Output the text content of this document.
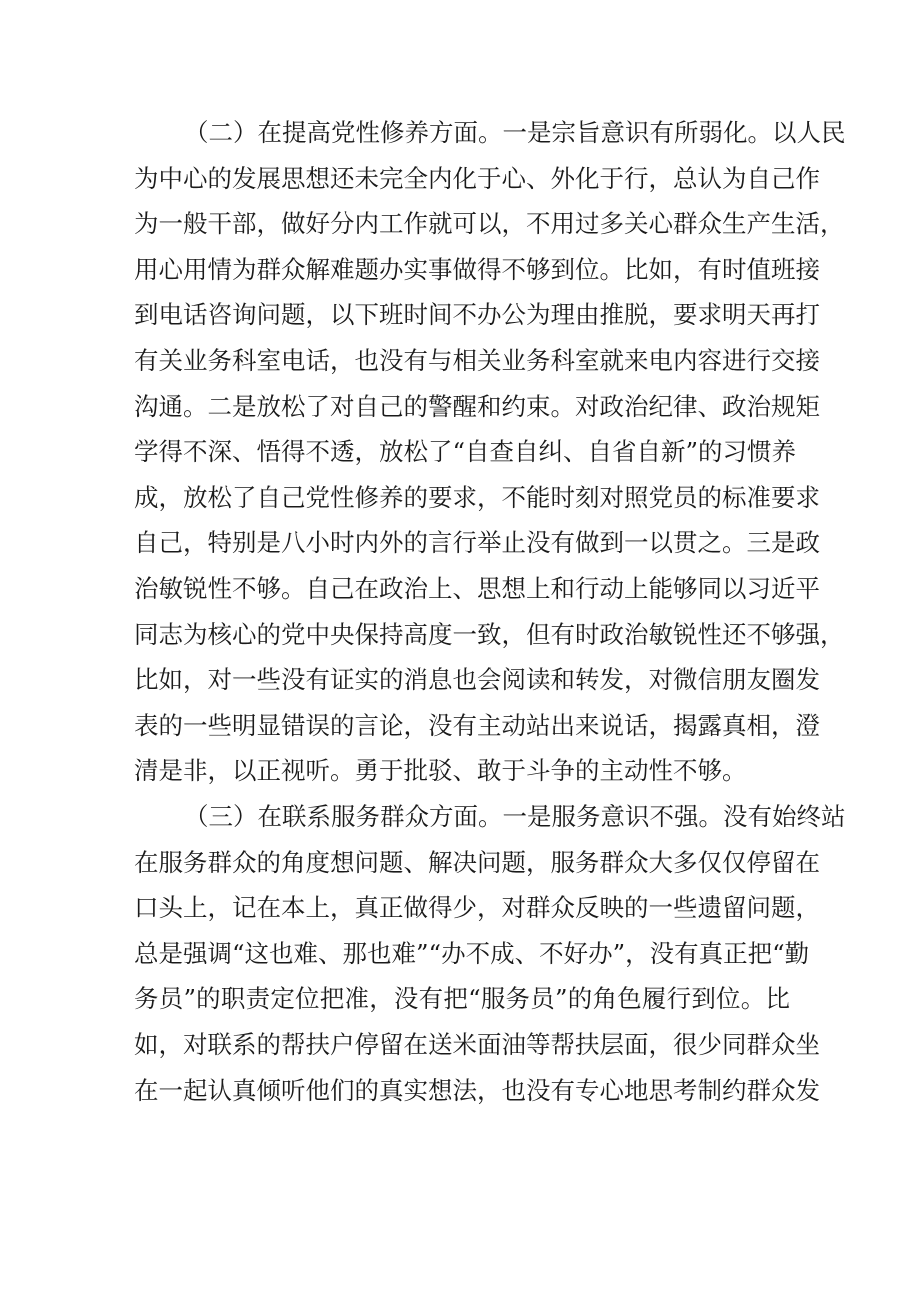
（二）在提高党性修养方面。一是宗旨意识有所弱化。以人民
为中心的发展思想还未完全内化于心、外化于行，总认为自己作
为一般干部，做好分内工作就可以，不用过多关心群众生产生活，
用心用情为群众解难题办实事做得不够到位。比如，有时值班接
到电话咨询问题，以下班时间不办公为理由推脱，要求明天再打
有关业务科室电话，也没有与相关业务科室就来电内容进行交接
沟通。二是放松了对自己的警醒和约束。对政治纪律、政治规矩
学得不深、悟得不透，放松了“自查自纠、自省自新”的习惯养
成，放松了自己党性修养的要求，不能时刻对照党员的标准要求
自己，特别是八小时内外的言行举止没有做到一以贯之。三是政
治敏锐性不够。自己在政治上、思想上和行动上能够同以习近平
同志为核心的党中央保持高度一致，但有时政治敏锐性还不够强，
比如，对一些没有证实的消息也会阅读和转发，对微信朋友圈发
表的一些明显错误的言论，没有主动站出来说话，揭露真相，澄
清是非，以正视听。勇于批驳、敢于斗争的主动性不够。
（三）在联系服务群众方面。一是服务意识不强。没有始终站
在服务群众的角度想问题、解决问题，服务群众大多仅仅停留在
口头上，记在本上，真正做得少，对群众反映的一些遗留问题，
总是强调“这也难、那也难”“办不成、不好办”，没有真正把“勤
务员”的职责定位把准，没有把“服务员”的角色履行到位。比
如，对联系的帮扶户停留在送米面油等帮扶层面，很少同群众坐
在一起认真倾听他们的真实想法，也没有专心地思考制约群众发
